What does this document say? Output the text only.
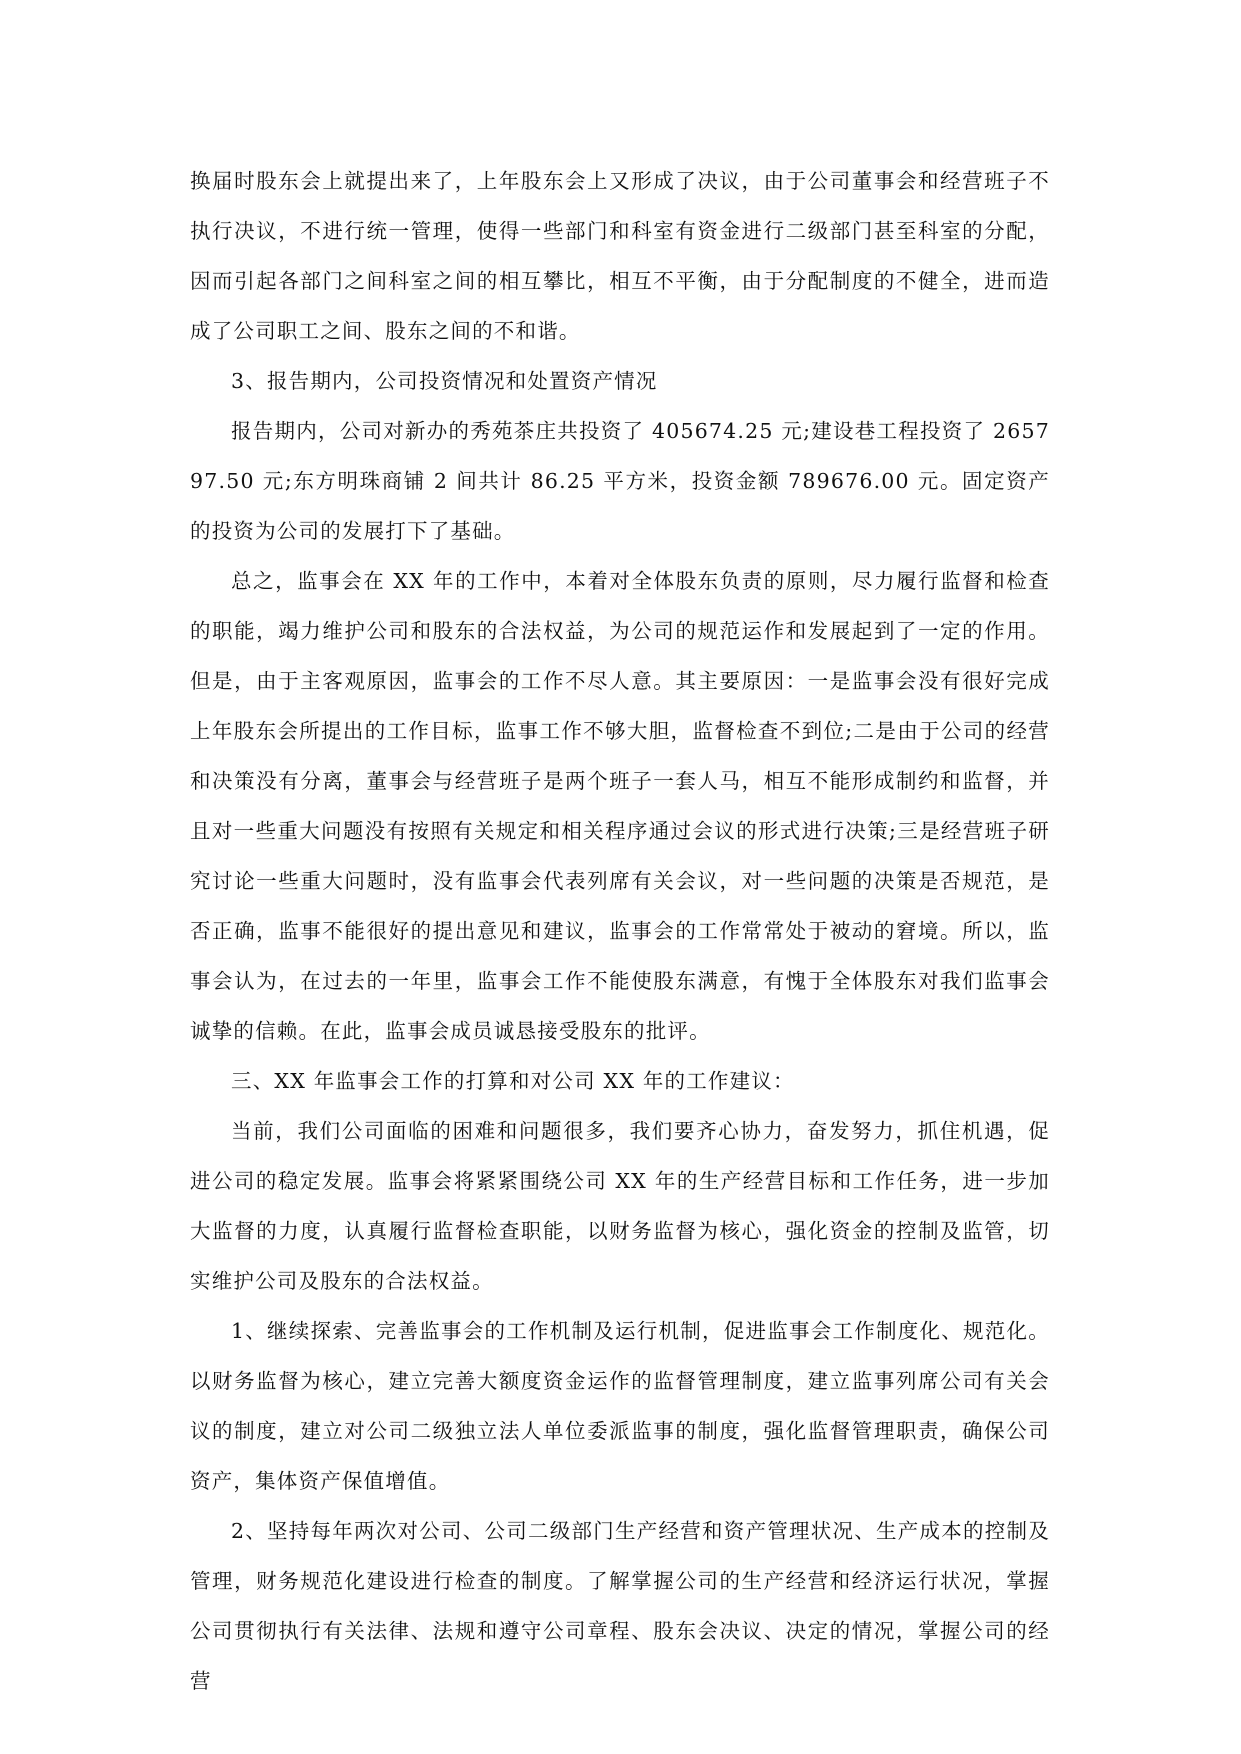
换届时股东会上就提出来了，上年股东会上又形成了决议，由于公司董事会和经营班子不执行决议，不进行统一管理，使得一些部门和科室有资金进行二级部门甚至科室的分配，因而引起各部门之间科室之间的相互攀比，相互不平衡，由于分配制度的不健全，进而造成了公司职工之间、股东之间的不和谐。

3、报告期内，公司投资情况和处置资产情况

报告期内，公司对新办的秀苑茶庄共投资了 405674.25 元;建设巷工程投资了 265797.50 元;东方明珠商铺 2 间共计 86.25 平方米，投资金额 789676.00 元。固定资产的投资为公司的发展打下了基础。

总之，监事会在 XX 年的工作中，本着对全体股东负责的原则，尽力履行监督和检查的职能，竭力维护公司和股东的合法权益，为公司的规范运作和发展起到了一定的作用。但是，由于主客观原因，监事会的工作不尽人意。其主要原因：一是监事会没有很好完成上年股东会所提出的工作目标，监事工作不够大胆，监督检查不到位;二是由于公司的经营和决策没有分离，董事会与经营班子是两个班子一套人马，相互不能形成制约和监督，并且对一些重大问题没有按照有关规定和相关程序通过会议的形式进行决策;三是经营班子研究讨论一些重大问题时，没有监事会代表列席有关会议，对一些问题的决策是否规范，是否正确，监事不能很好的提出意见和建议，监事会的工作常常处于被动的窘境。所以，监事会认为，在过去的一年里，监事会工作不能使股东满意，有愧于全体股东对我们监事会诚挚的信赖。在此，监事会成员诚恳接受股东的批评。

三、XX 年监事会工作的打算和对公司 XX 年的工作建议：

当前，我们公司面临的困难和问题很多，我们要齐心协力，奋发努力，抓住机遇，促进公司的稳定发展。监事会将紧紧围绕公司 XX 年的生产经营目标和工作任务，进一步加大监督的力度，认真履行监督检查职能，以财务监督为核心，强化资金的控制及监管，切实维护公司及股东的合法权益。

1、继续探索、完善监事会的工作机制及运行机制，促进监事会工作制度化、规范化。以财务监督为核心，建立完善大额度资金运作的监督管理制度，建立监事列席公司有关会议的制度，建立对公司二级独立法人单位委派监事的制度，强化监督管理职责，确保公司资产，集体资产保值增值。

2、坚持每年两次对公司、公司二级部门生产经营和资产管理状况、生产成本的控制及管理，财务规范化建设进行检查的制度。了解掌握公司的生产经营和经济运行状况，掌握公司贯彻执行有关法律、法规和遵守公司章程、股东会决议、决定的情况，掌握公司的经营
